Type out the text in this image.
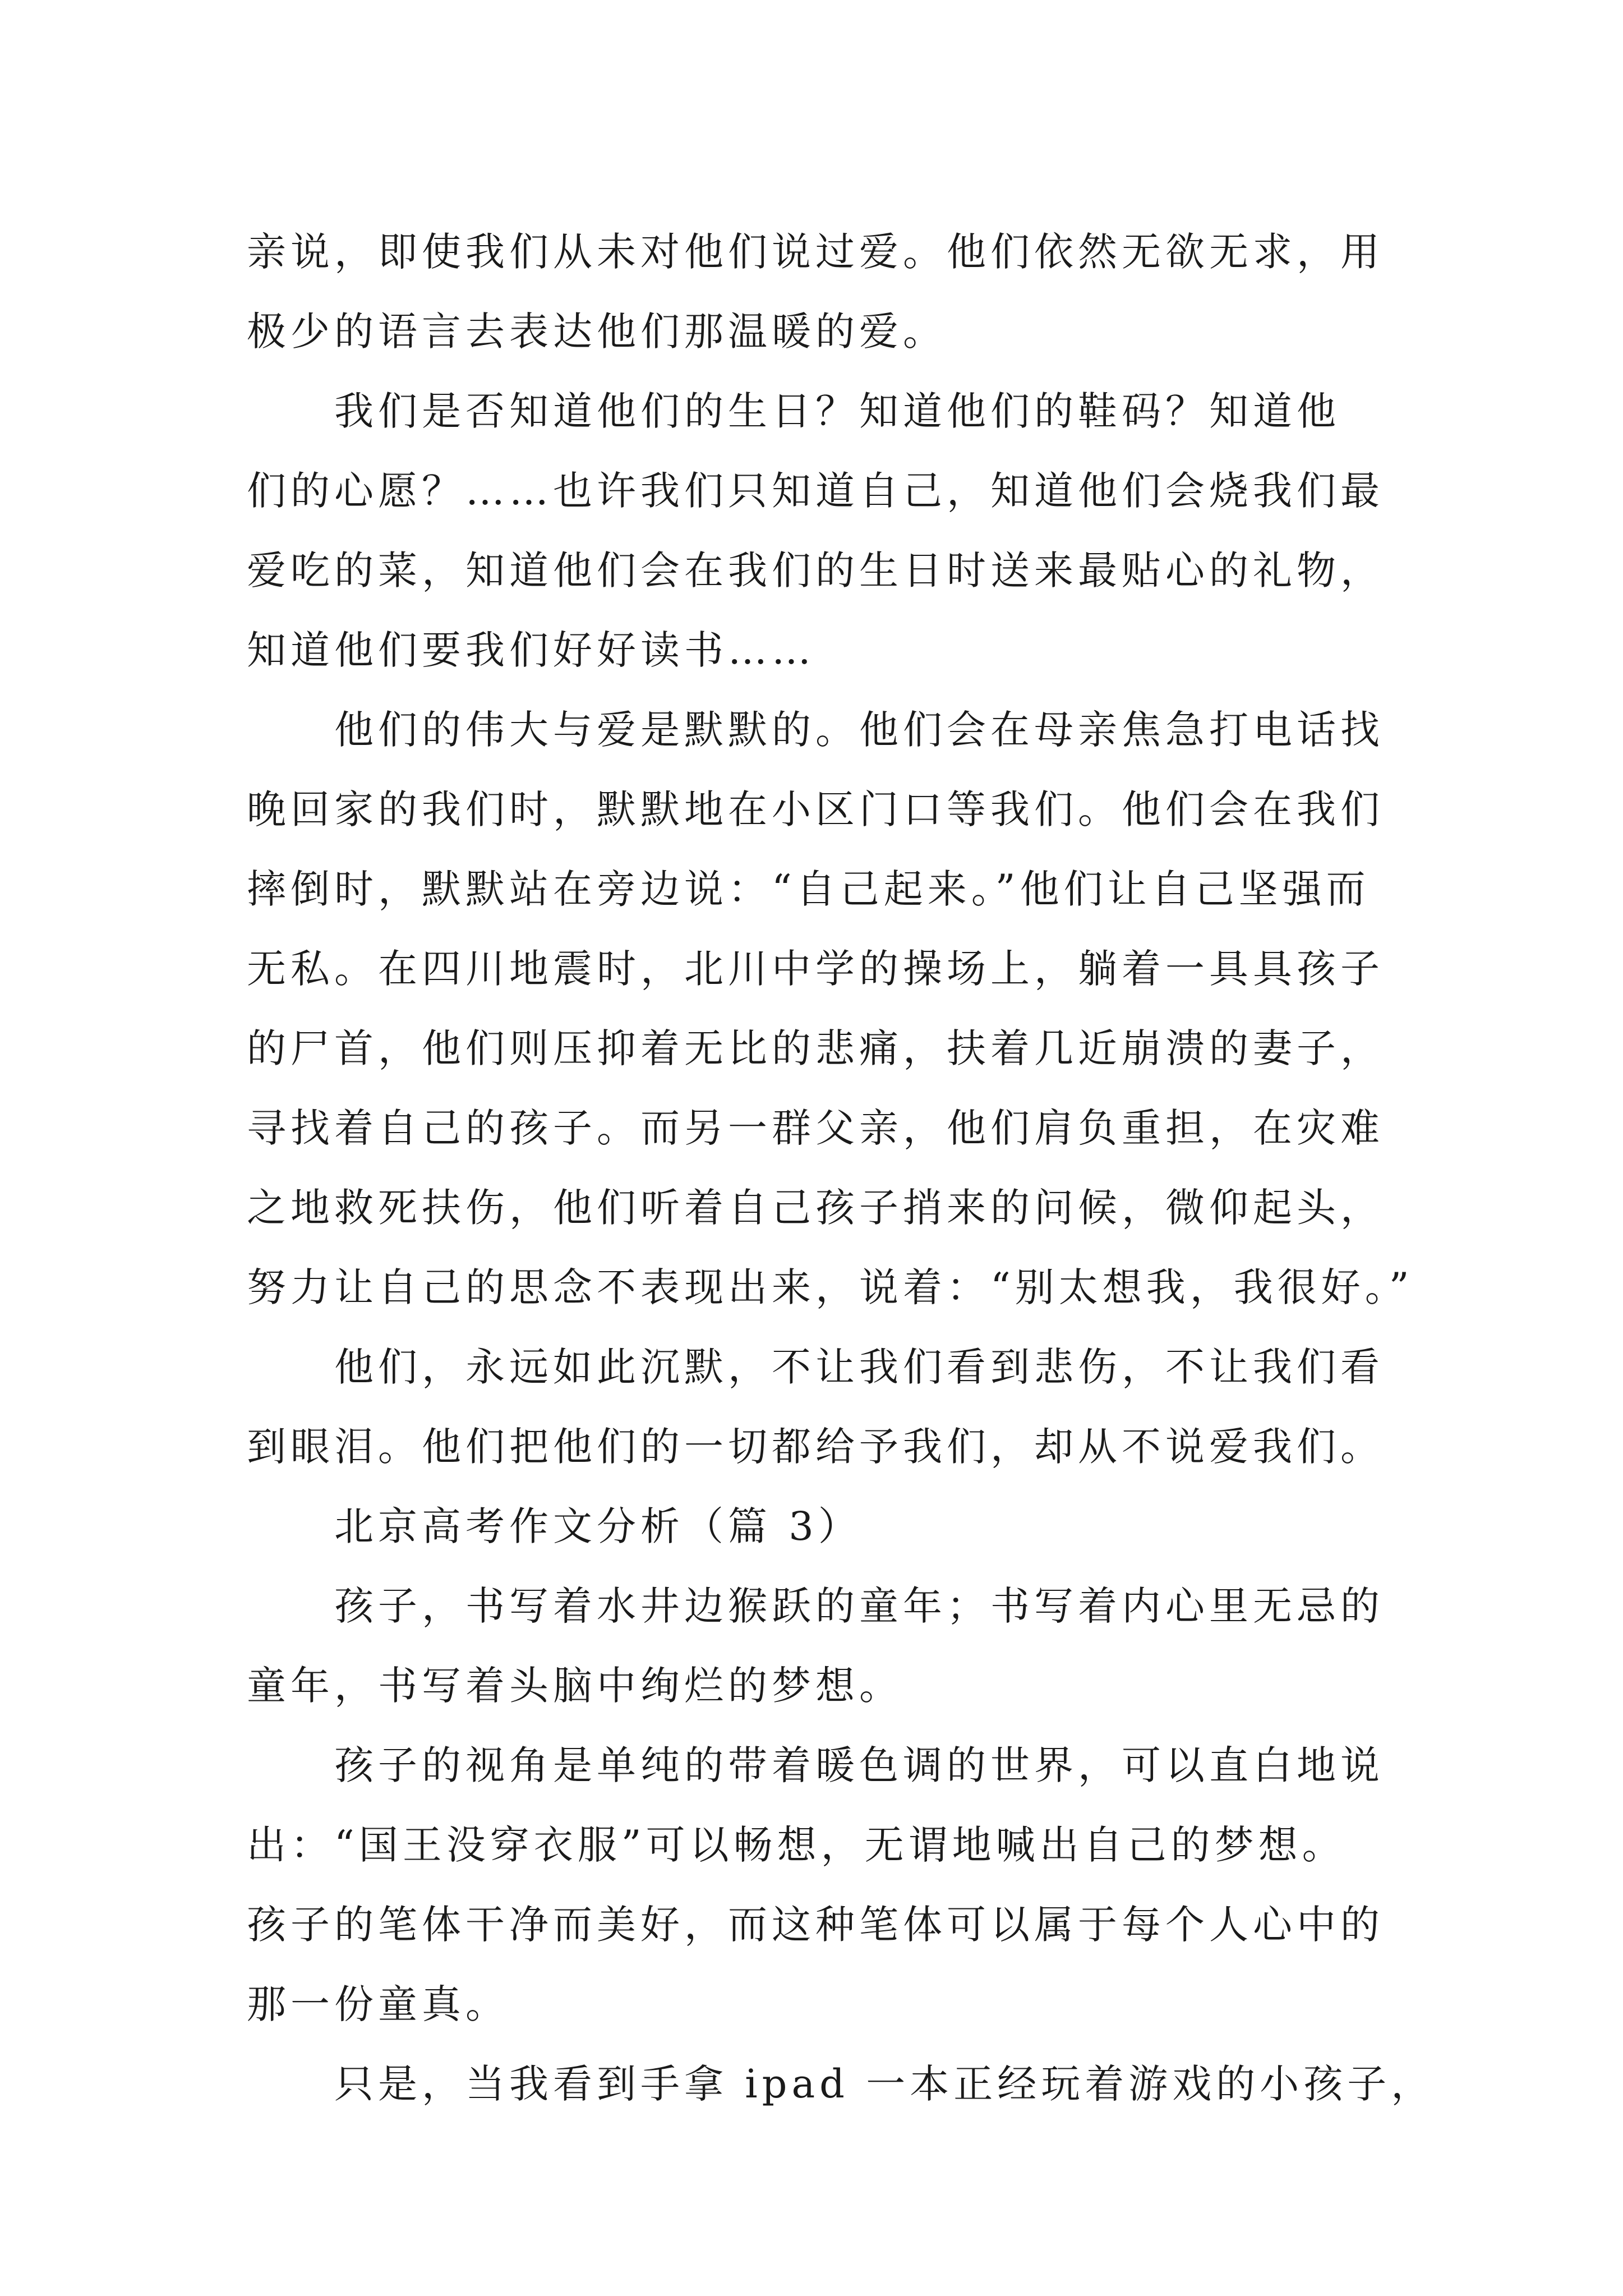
亲说，即使我们从未对他们说过爱。他们依然无欲无求，用
极少的语言去表达他们那温暖的爱。
我们是否知道他们的生日？知道他们的鞋码？知道他
们的心愿？……也许我们只知道自己，知道他们会烧我们最
爱吃的菜，知道他们会在我们的生日时送来最贴心的礼物，
知道他们要我们好好读书……
他们的伟大与爱是默默的。他们会在母亲焦急打电话找
晚回家的我们时，默默地在小区门口等我们。他们会在我们
摔倒时，默默站在旁边说：“自己起来。”他们让自己坚强而
无私。在四川地震时，北川中学的操场上，躺着一具具孩子
的尸首，他们则压抑着无比的悲痛，扶着几近崩溃的妻子，
寻找着自己的孩子。而另一群父亲，他们肩负重担，在灾难
之地救死扶伤，他们听着自己孩子捎来的问候，微仰起头，
努力让自己的思念不表现出来，说着：“别太想我，我很好。”
他们，永远如此沉默，不让我们看到悲伤，不让我们看
到眼泪。他们把他们的一切都给予我们，却从不说爱我们。
北京高考作文分析（篇 3）
孩子，书写着水井边猴跃的童年；书写着内心里无忌的
童年，书写着头脑中绚烂的梦想。
孩子的视角是单纯的带着暖色调的世界，可以直白地说
出：“国王没穿衣服”可以畅想，无谓地喊出自己的梦想。
孩子的笔体干净而美好，而这种笔体可以属于每个人心中的
那一份童真。
只是，当我看到手拿 ipad 一本正经玩着游戏的小孩子，
